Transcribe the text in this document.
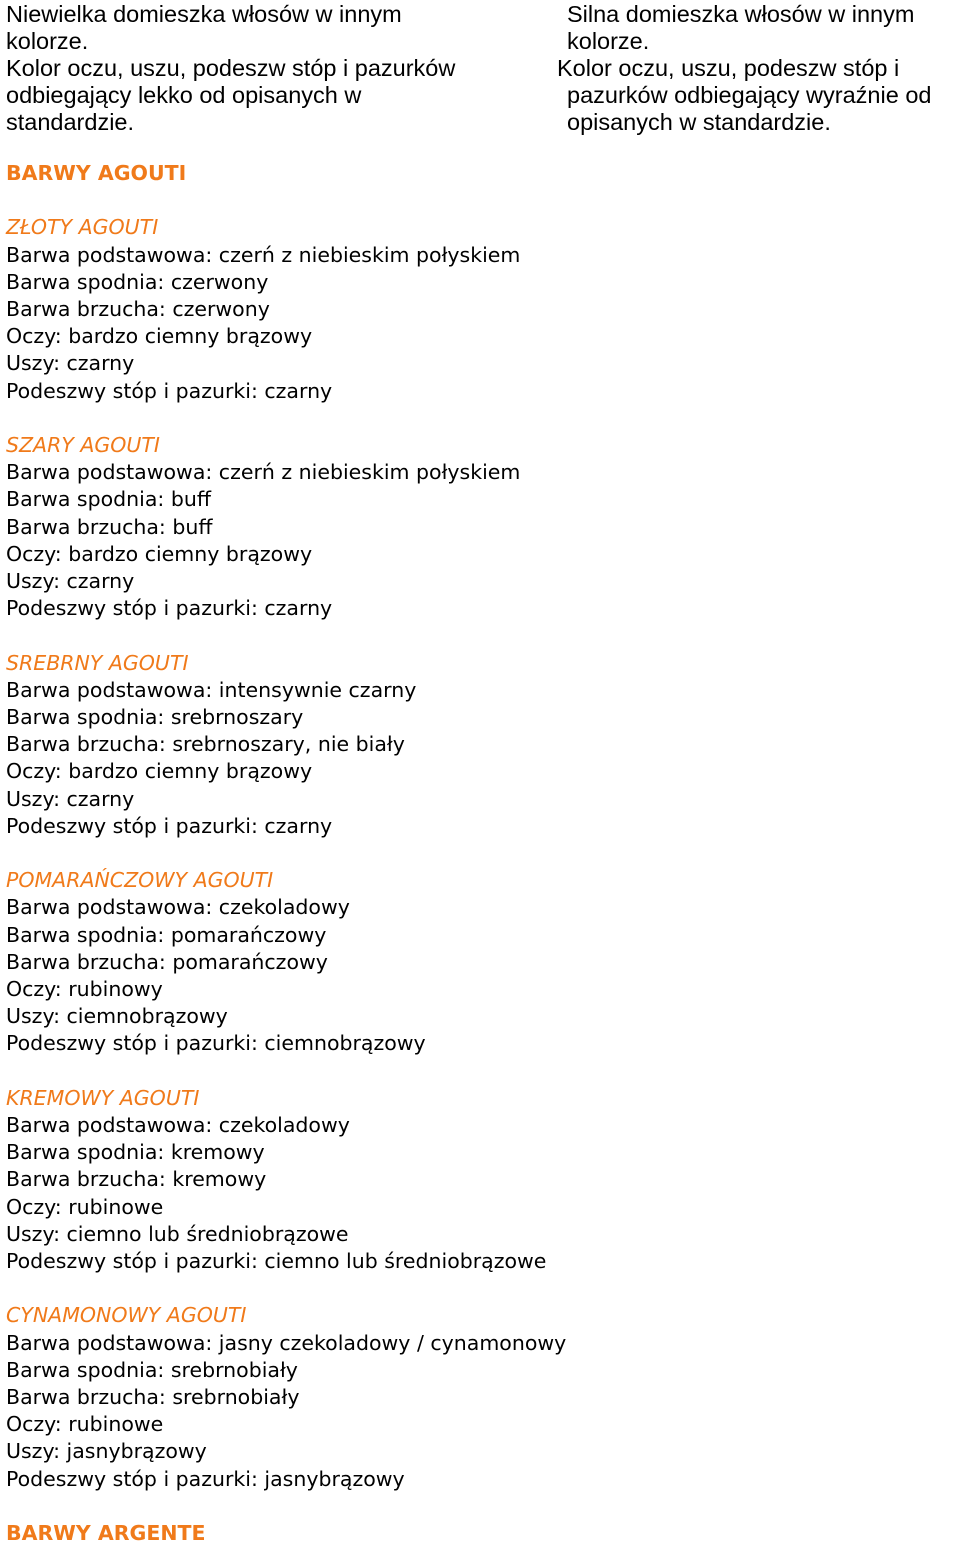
Niewielka domieszka włosów w innym
kolorze.
Kolor oczu, uszu, podeszw stóp i pazurków
odbiegający lekko od opisanych w
standardzie.
Silna domieszka włosów w innym
kolorze.
Kolor oczu, uszu, podeszw stóp i
pazurków odbiegający wyraźnie od
opisanych w standardzie.
BARWY AGOUTI
ZŁOTY AGOUTI
Barwa podstawowa: czerń z niebieskim połyskiem
Barwa spodnia: czerwony
Barwa brzucha: czerwony
Oczy: bardzo ciemny brązowy
Uszy: czarny
Podeszwy stóp i pazurki: czarny
SZARY AGOUTI
Barwa podstawowa: czerń z niebieskim połyskiem
Barwa spodnia: buff
Barwa brzucha: buff
Oczy: bardzo ciemny brązowy
Uszy: czarny
Podeszwy stóp i pazurki: czarny
SREBRNY AGOUTI
Barwa podstawowa: intensywnie czarny
Barwa spodnia: srebrnoszary
Barwa brzucha: srebrnoszary, nie biały
Oczy: bardzo ciemny brązowy
Uszy: czarny
Podeszwy stóp i pazurki: czarny
POMARAŃCZOWY AGOUTI
Barwa podstawowa: czekoladowy
Barwa spodnia: pomarańczowy
Barwa brzucha: pomarańczowy
Oczy: rubinowy
Uszy: ciemnobrązowy
Podeszwy stóp i pazurki: ciemnobrązowy
KREMOWY AGOUTI
Barwa podstawowa: czekoladowy
Barwa spodnia: kremowy
Barwa brzucha: kremowy
Oczy: rubinowe
Uszy: ciemno lub średniobrązowe
Podeszwy stóp i pazurki: ciemno lub średniobrązowe
CYNAMONOWY AGOUTI
Barwa podstawowa: jasny czekoladowy / cynamonowy
Barwa spodnia: srebrnobiały
Barwa brzucha: srebrnobiały
Oczy: rubinowe
Uszy: jasnybrązowy
Podeszwy stóp i pazurki: jasnybrązowy
BARWY ARGENTE
